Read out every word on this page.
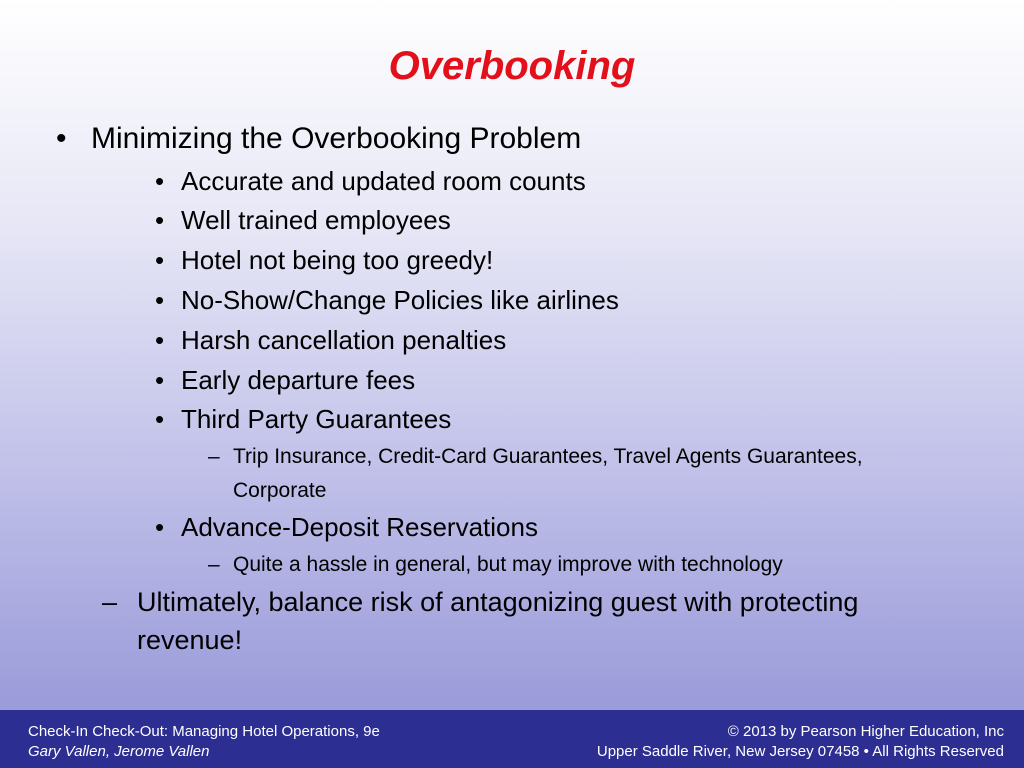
Overbooking
• Minimizing the Overbooking Problem
• Accurate and updated room counts
• Well trained employees
• Hotel not being too greedy!
• No-Show/Change Policies like airlines
• Harsh cancellation penalties
• Early departure fees
• Third Party Guarantees
– Trip Insurance, Credit-Card Guarantees, Travel Agents Guarantees,
Corporate
• Advance-Deposit Reservations
– Quite a hassle in general, but may improve with technology
– Ultimately, balance risk of antagonizing guest with protecting
revenue!
Check-In Check-Out: Managing Hotel Operations, 9e
Gary Vallen, Jerome Vallen
© 2013 by Pearson Higher Education, Inc
Upper Saddle River, New Jersey 07458 • All Rights Reserved
